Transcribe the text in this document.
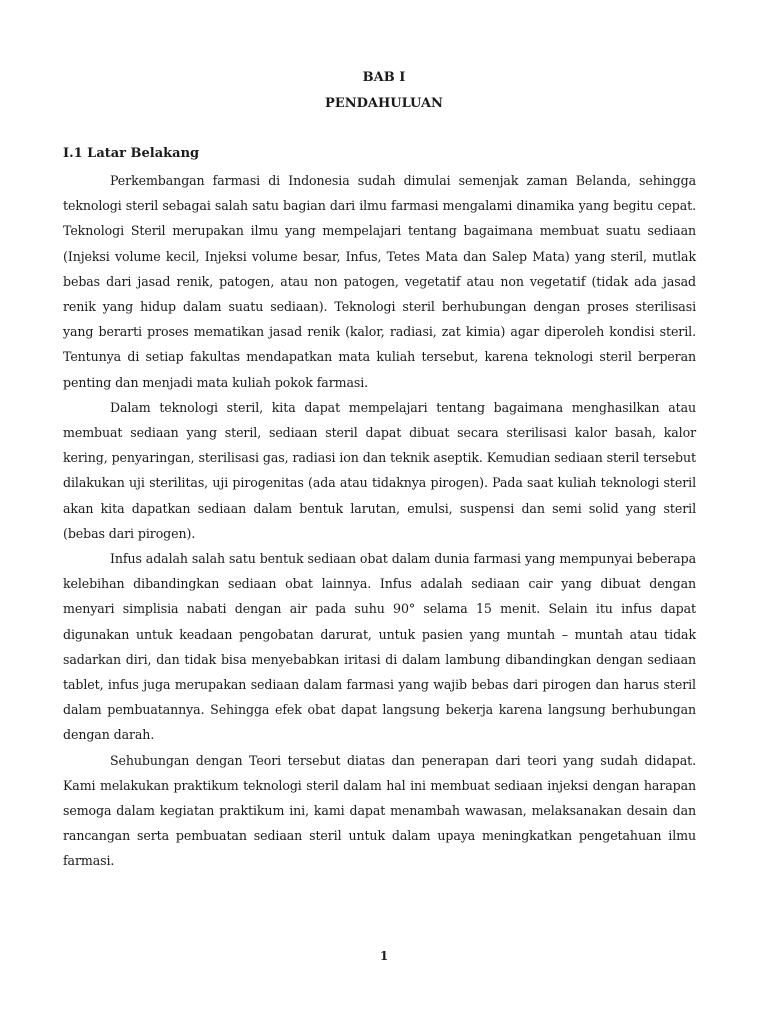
BAB I
PENDAHULUAN
I.1 Latar Belakang

Perkembangan farmasi di Indonesia sudah dimulai semenjak zaman Belanda, sehingga teknologi steril sebagai salah satu bagian dari ilmu farmasi mengalami dinamika yang begitu cepat. Teknologi Steril merupakan ilmu yang mempelajari tentang bagaimana membuat suatu sediaan (Injeksi volume kecil, Injeksi volume besar, Infus, Tetes Mata dan Salep Mata) yang steril, mutlak bebas dari jasad renik, patogen, atau non patogen, vegetatif atau non vegetatif (tidak ada jasad renik yang hidup dalam suatu sediaan). Teknologi steril berhubungan dengan proses sterilisasi yang berarti proses mematikan jasad renik (kalor, radiasi, zat kimia) agar diperoleh kondisi steril. Tentunya di setiap fakultas mendapatkan mata kuliah tersebut, karena teknologi steril berperan penting dan menjadi mata kuliah pokok farmasi.

Dalam teknologi steril, kita dapat mempelajari tentang bagaimana menghasilkan atau membuat sediaan yang steril, sediaan steril dapat dibuat secara sterilisasi kalor basah, kalor kering, penyaringan, sterilisasi gas, radiasi ion dan teknik aseptik. Kemudian sediaan steril tersebut dilakukan uji sterilitas, uji pirogenitas (ada atau tidaknya pirogen). Pada saat kuliah teknologi steril akan kita dapatkan sediaan dalam bentuk larutan, emulsi, suspensi dan semi solid yang steril (bebas dari pirogen).

Infus adalah salah satu bentuk sediaan obat dalam dunia farmasi yang mempunyai beberapa kelebihan dibandingkan sediaan obat lainnya. Infus adalah sediaan cair yang dibuat dengan menyari simplisia nabati dengan air pada suhu 90° selama 15 menit. Selain itu infus dapat digunakan untuk keadaan pengobatan darurat, untuk pasien yang muntah – muntah atau tidak sadarkan diri, dan tidak bisa menyebabkan iritasi di dalam lambung dibandingkan dengan sediaan tablet, infus juga merupakan sediaan dalam farmasi yang wajib bebas dari pirogen dan harus steril dalam pembuatannya. Sehingga efek obat dapat langsung bekerja karena langsung berhubungan dengan darah.

Sehubungan dengan Teori tersebut diatas dan penerapan dari teori yang sudah didapat. Kami melakukan praktikum teknologi steril dalam hal ini membuat sediaan injeksi dengan harapan semoga dalam kegiatan praktikum ini, kami dapat menambah wawasan, melaksanakan desain dan rancangan serta pembuatan sediaan steril untuk dalam upaya meningkatkan pengetahuan ilmu farmasi.

1
